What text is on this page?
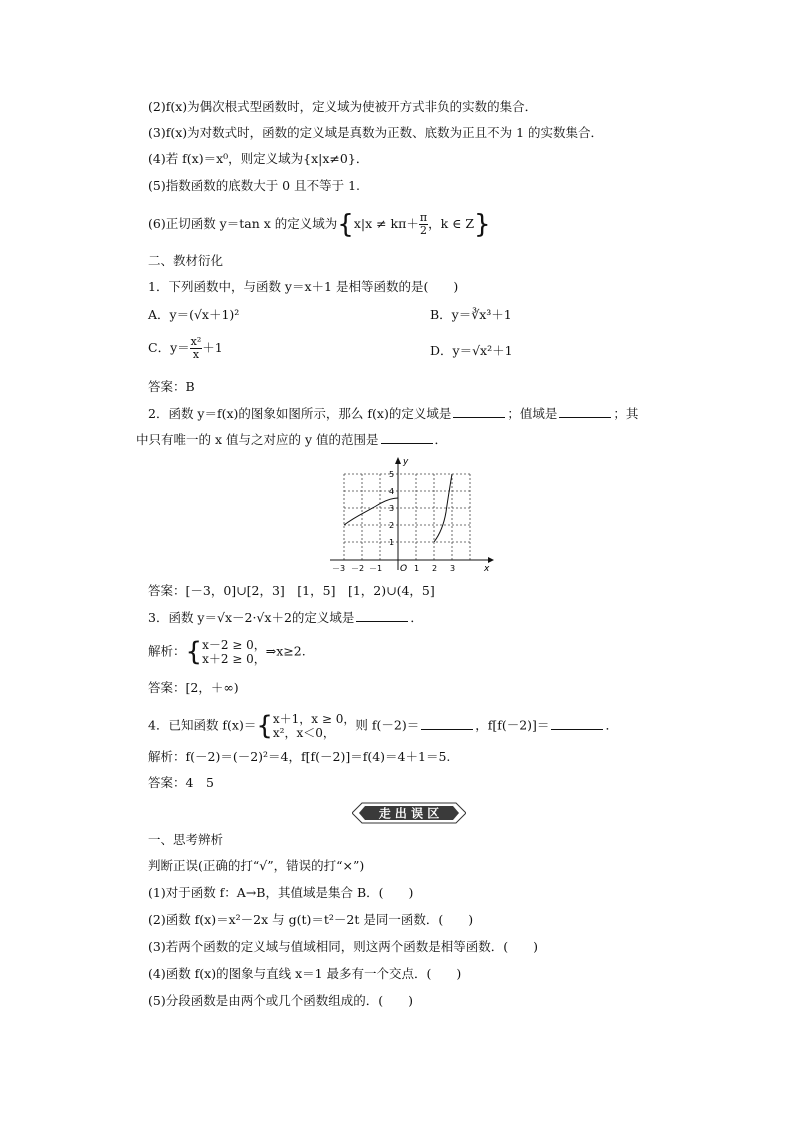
(2)f(x)为偶次根式型函数时，定义域为使被开方式非负的实数的集合．
(3)f(x)为对数式时，函数的定义域是真数为正数、底数为正且不为 1 的实数集合．
(4)若 f(x)＝x⁰，则定义域为{x|x≠0}．
(5)指数函数的底数大于 0 且不等于 1.
(6)正切函数 y＝tan x 的定义域为{$x|x \ne k\pi+ \frac{\pi}{2}$ ，k ∈ Z}
二、教材衍化
1．下列函数中，与函数 y＝x＋1 是相等函数的是(　　)
A．y＝(√x＋1)²	B．y＝∛x³＋1
C．$y= \frac{\text{x²}}{x} +1$	D．y＝√x²＋1
答案：B
2．函数 y＝f(x)的图象如图所示，那么 f(x)的定义域是	；值域是	；其
中只有唯一的 x 值与之对应的 y 值的范围是	．
y
x
O
－3 －2 －1	1 2 3
1
2
3
4
5
答案：[－3，0]∪[2，3]　[1，5]　[1，2)∪(4，5]
3．函数 y＝√x－2·√x＋2的定义域是	．
解析：{ x－2 ≥ 0，
x＋2 ≥ 0，
⇒x≥2.
答案：[2，＋∞)
4．已知函数 f(x)＝{ x＋1，x ≥ 0，
x²，x＜0，
则 f(－2)＝	，f[f(－2)]＝	．
解析：f(－2)＝(－2)²＝4，f[f(－2)]＝f(4)＝4＋1＝5.
答案：4　5
走 出 误 区
一、思考辨析
判断正误(正确的打“√”，错误的打“×”)
(1)对于函数 f：A→B，其值域是集合 B．(　　)
(2)函数 f(x)＝x²－2x 与 g(t)＝t²－2t 是同一函数．(　　)
(3)若两个函数的定义域与值域相同，则这两个函数是相等函数．(　　)
(4)函数 f(x)的图象与直线 x＝1 最多有一个交点．(　　)
(5)分段函数是由两个或几个函数组成的．(　　)
